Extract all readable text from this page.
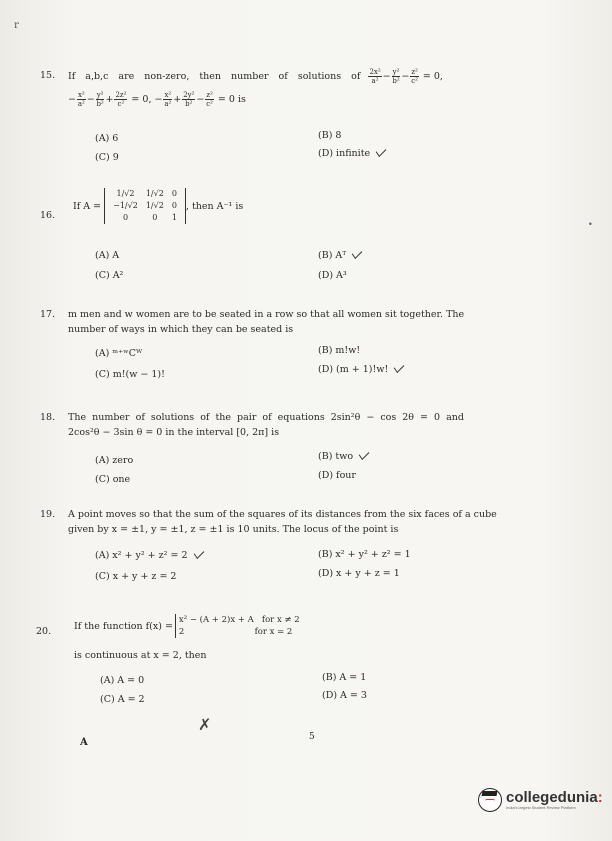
r
•
15. If a,b,c are non-zero, then number of solutions of $\frac{\text{2x²}}{\text{a²}} - \frac{\text{y²}}{\text{b²}} - \frac{\text{z²}}{\text{c²}} = 0$,
− $\frac{\text{x²}}{\text{a²}} - \frac{\text{y²}}{\text{b²}} + \frac{\text{2z²}}{\text{c²}} = 0$, − $\frac{\text{x²}}{\text{a²}} + \frac{\text{2y²}}{\text{b²}} - \frac{\text{z²}}{\text{c²}} = 0$ is
(A) 6	(B) 8
(C) 9	(D) infinite
16.
If A =
1/√2	1/√2	0
−1/√2	1/√2	0
0	0	1
, then A⁻¹ is
(A) A	(B) Aᵀ
(C) A²	(D) A³
17. m men and w women are to be seated in a row so that all women sit together. The
number of ways in which they can be seated is
(A) ᵐ⁺ʷCᵂ	(B) m!w!
(C) m!(w − 1)!	(D) (m + 1)!w!
18. The number of solutions of the pair of equations 2sin²θ − cos 2θ = 0 and
2cos²θ − 3sin θ = 0 in the interval [0, 2π] is
(A) zero	(B) two
(C) one	(D) four
19. A point moves so that the sum of the squares of its distances from the six faces of a cube
given by x = ±1, y = ±1, z = ±1 is 10 units. The locus of the point is
(A) x² + y² + z² = 2	(B) x² + y² + z² = 1
(C) x + y + z = 2	(D) x + y + z = 1
20. If the function f(x) =
x² − (A + 2)x + A   for x ≠ 2
2                          for x = 2
is continuous at x = 2, then
(A) A = 0	(B) A = 1
(C) A = 2	(D) A = 3
✗
A	5
collegedunia:
India's largest Student Review Platform
